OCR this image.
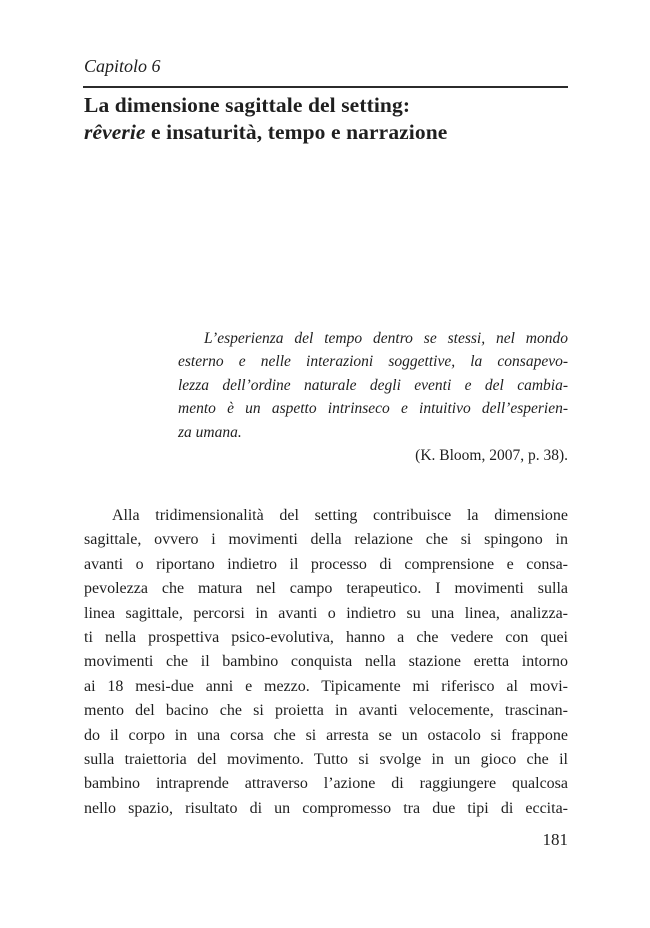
Capitolo 6
La dimensione sagittale del setting:
rêverie e insaturità, tempo e narrazione
L’esperienza del tempo dentro se stessi, nel mondo
esterno e nelle interazioni soggettive, la consapevo-
lezza dell’ordine naturale degli eventi e del cambia-
mento è un aspetto intrinseco e intuitivo dell’esperien-
za umana.
(K. Bloom, 2007, p. 38).
Alla tridimensionalità del setting contribuisce la dimensione
sagittale, ovvero i movimenti della relazione che si spingono in
avanti o riportano indietro il processo di comprensione e consa-
pevolezza che matura nel campo terapeutico. I movimenti sulla
linea sagittale, percorsi in avanti o indietro su una linea, analizza-
ti nella prospettiva psico-evolutiva, hanno a che vedere con quei
movimenti che il bambino conquista nella stazione eretta intorno
ai 18 mesi-due anni e mezzo. Tipicamente mi riferisco al movi-
mento del bacino che si proietta in avanti velocemente, trascinan-
do il corpo in una corsa che si arresta se un ostacolo si frappone
sulla traiettoria del movimento. Tutto si svolge in un gioco che il
bambino intraprende attraverso l’azione di raggiungere qualcosa
nello spazio, risultato di un compromesso tra due tipi di eccita-
181
